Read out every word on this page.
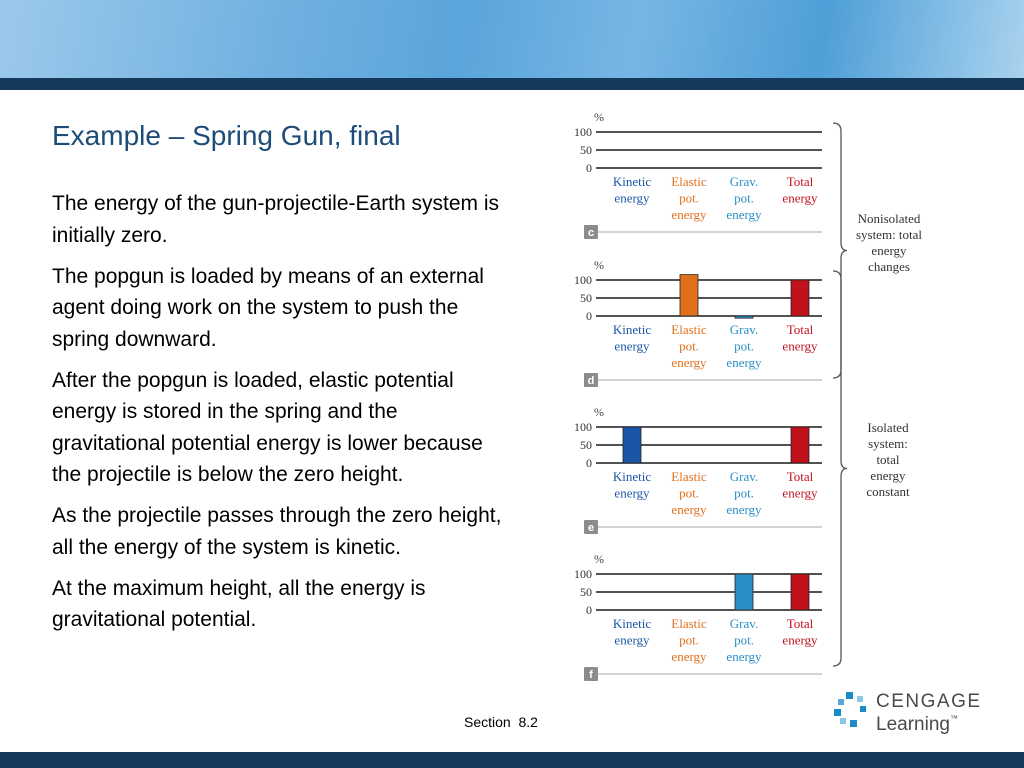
Example – Spring Gun, final

The energy of the gun-projectile-Earth system is initially zero.

The popgun is loaded by means of an external agent doing work on the system to push the spring downward.

After the popgun is loaded, elastic potential energy is stored in the spring and the gravitational potential energy is lower because the projectile is below the zero height.

As the projectile passes through the zero height, all the energy of the system is kinetic.

At the maximum height, all the energy is gravitational potential.

%
100
50
0
Kinetic
energy
Elastic
pot.
energy
Grav.
pot.
energy
Total
energy
c
%
100
50
0
Kinetic
energy
Elastic
pot.
energy
Grav.
pot.
energy
Total
energy
d
%
100
50
0
Kinetic
energy
Elastic
pot.
energy
Grav.
pot.
energy
Total
energy
e
%
100
50
0
Kinetic
energy
Elastic
pot.
energy
Grav.
pot.
energy
Total
energy
f
Nonisolated
system: total
energy
changes
Isolated
system:
total
energy
constant
Section  8.2
CENGAGE
Learning™
